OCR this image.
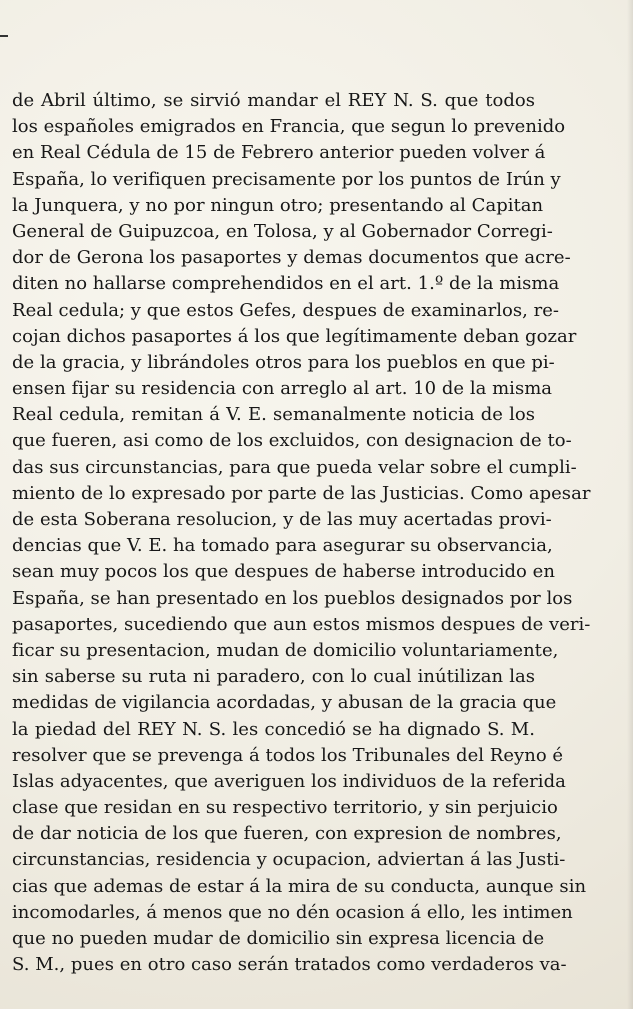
de Abril último, se sirvió mandar el REY N. S. que todos
los españoles emigrados en Francia, que segun lo prevenido
en Real Cédula de 15 de Febrero anterior pueden volver á
España, lo verifiquen precisamente por los puntos de Irún y
la Junquera, y no por ningun otro; presentando al Capitan
General de Guipuzcoa, en Tolosa, y al Gobernador Corregi-
dor de Gerona los pasaportes y demas documentos que acre-
diten no hallarse comprehendidos en el art. 1.º de la misma
Real cedula; y que estos Gefes, despues de examinarlos, re-
cojan dichos pasaportes á los que legítimamente deban gozar
de la gracia, y librándoles otros para los pueblos en que pi-
ensen fijar su residencia con arreglo al art. 10 de la misma
Real cedula, remitan á V. E. semanalmente noticia de los
que fueren, asi como de los excluidos, con designacion de to-
das sus circunstancias, para que pueda velar sobre el cumpli-
miento de lo expresado por parte de las Justicias. Como apesar
de esta Soberana resolucion, y de las muy acertadas provi-
dencias que V. E. ha tomado para asegurar su observancia,
sean muy pocos los que despues de haberse introducido en
España, se han presentado en los pueblos designados por los
pasaportes, sucediendo que aun estos mismos despues de veri-
ficar su presentacion, mudan de domicilio voluntariamente,
sin saberse su ruta ni paradero, con lo cual inútilizan las
medidas de vigilancia acordadas, y abusan de la gracia que
la piedad del REY N. S. les concedió se ha dignado S. M.
resolver que se prevenga á todos los Tribunales del Reyno é
Islas adyacentes, que averiguen los individuos de la referida
clase que residan en su respectivo territorio, y sin perjuicio
de dar noticia de los que fueren, con expresion de nombres,
circunstancias, residencia y ocupacion, adviertan á las Justi-
cias que ademas de estar á la mira de su conducta, aunque sin
incomodarles, á menos que no dén ocasion á ello, les intimen
que no pueden mudar de domicilio sin expresa licencia de
S. M., pues en otro caso serán tratados como verdaderos va-
